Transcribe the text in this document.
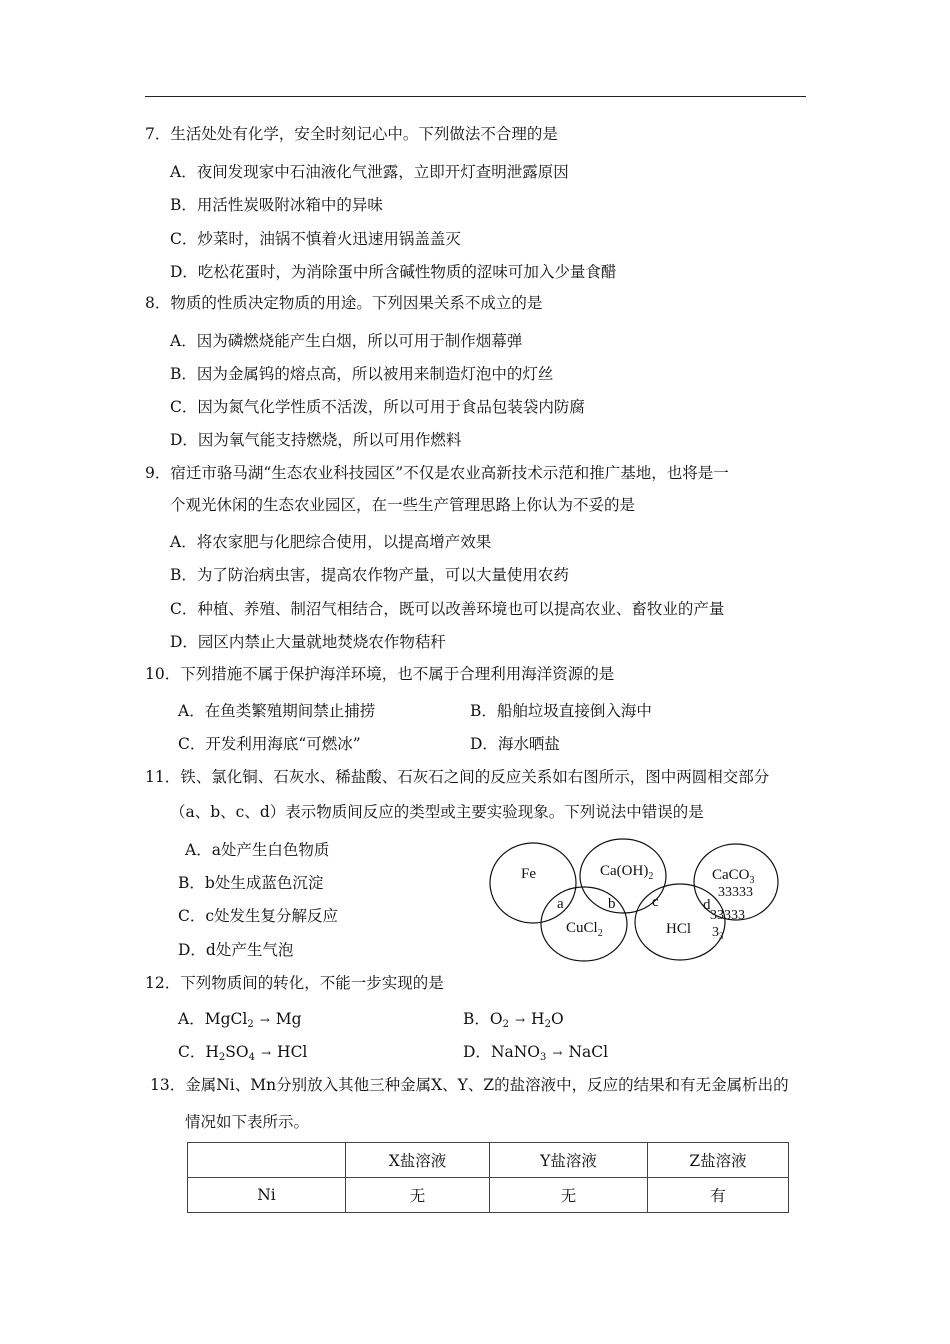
7．生活处处有化学，安全时刻记心中。下列做法不合理的是
A．夜间发现家中石油液化气泄露，立即开灯查明泄露原因
B．用活性炭吸附冰箱中的异味
C．炒菜时，油锅不慎着火迅速用锅盖盖灭
D．吃松花蛋时，为消除蛋中所含碱性物质的涩味可加入少量食醋
8．物质的性质决定物质的用途。下列因果关系不成立的是
A．因为磷燃烧能产生白烟，所以可用于制作烟幕弹
B．因为金属钨的熔点高，所以被用来制造灯泡中的灯丝
C．因为氮气化学性质不活泼，所以可用于食品包装袋内防腐
D．因为氧气能支持燃烧，所以可用作燃料
9．宿迁市骆马湖“生态农业科技园区”不仅是农业高新技术示范和推广基地，也将是一
个观光休闲的生态农业园区，在一些生产管理思路上你认为不妥的是
A．将农家肥与化肥综合使用，以提高增产效果
B．为了防治病虫害，提高农作物产量，可以大量使用农药
C．种植、养殖、制沼气相结合，既可以改善环境也可以提高农业、畜牧业的产量
D．园区内禁止大量就地焚烧农作物秸秆
10．下列措施不属于保护海洋环境，也不属于合理利用海洋资源的是
A．在鱼类繁殖期间禁止捕捞	B．船舶垃圾直接倒入海中
C．开发利用海底“可燃冰”	D．海水晒盐
11．铁、氯化铜、石灰水、稀盐酸、石灰石之间的反应关系如右图所示，图中两圆相交部分
（a、b、c、d）表示物质间反应的类型或主要实验现象。下列说法中错误的是
A．a处产生白色物质
B．b处生成蓝色沉淀
C．c处发生复分解反应
D．d处产生气泡
Fe	$Ca(OH)_2$	CaCO$_3$
33333
33333
$3_3$
CuCl$_2$	HCl
a	b c	d
12．下列物质间的转化，不能一步实现的是
A．MgCl$_2$ → Mg	B．$O_2 \to H_2O$
C．$H_2SO_4$ → HCl	D．NaNO$_3$ → NaCl
13．金属Ni、Mn分别放入其他三种金属X、Y、Z的盐溶液中，反应的结果和有无金属析出的
情况如下表所示。
	X盐溶液	Y盐溶液	Z盐溶液
Ni	无	无	有
